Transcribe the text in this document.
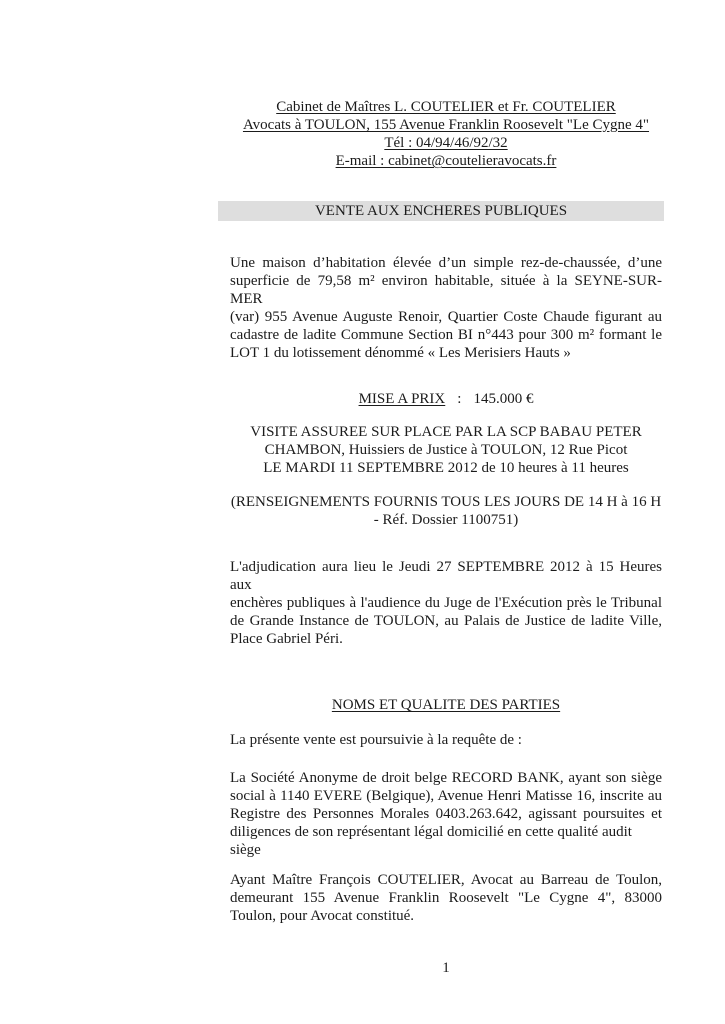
Cabinet de Maîtres L. COUTELIER et Fr. COUTELIER
Avocats à TOULON, 155 Avenue Franklin Roosevelt "Le Cygne 4"
Tél : 04/94/46/92/32
E-mail : cabinet@coutelieravocats.fr
VENTE AUX ENCHERES PUBLIQUES
Une maison d’habitation élevée d’un simple rez-de-chaussée, d’une
superficie de 79,58 m² environ habitable, située à la SEYNE-SUR-MER
(var) 955 Avenue Auguste Renoir, Quartier Coste Chaude figurant au
cadastre de ladite Commune Section BI n°443 pour 300 m² formant le
LOT 1 du lotissement dénommé « Les Merisiers Hauts »
MISE A PRIX : 145.000 €
VISITE ASSUREE SUR PLACE PAR LA SCP BABAU PETER
CHAMBON, Huissiers de Justice à TOULON, 12 Rue Picot
LE MARDI 11 SEPTEMBRE 2012 de 10 heures à 11 heures
(RENSEIGNEMENTS FOURNIS TOUS LES JOURS DE 14 H à 16 H
- Réf. Dossier 1100751)
L'adjudication aura lieu le Jeudi 27 SEPTEMBRE 2012 à 15 Heures aux
enchères publiques à l'audience du Juge de l'Exécution près le Tribunal
de Grande Instance de TOULON, au Palais de Justice de ladite Ville,
Place Gabriel Péri.
NOMS ET QUALITE DES PARTIES
La présente vente est poursuivie à la requête de :
La Société Anonyme de droit belge RECORD BANK, ayant son siège
social à 1140 EVERE (Belgique), Avenue Henri Matisse 16, inscrite au
Registre des Personnes Morales 0403.263.642, agissant poursuites et
diligences de son représentant légal domicilié en cette qualité audit siège
Ayant Maître François COUTELIER, Avocat au Barreau de Toulon,
demeurant 155 Avenue Franklin Roosevelt "Le Cygne 4", 83000
Toulon, pour Avocat constitué.
1
